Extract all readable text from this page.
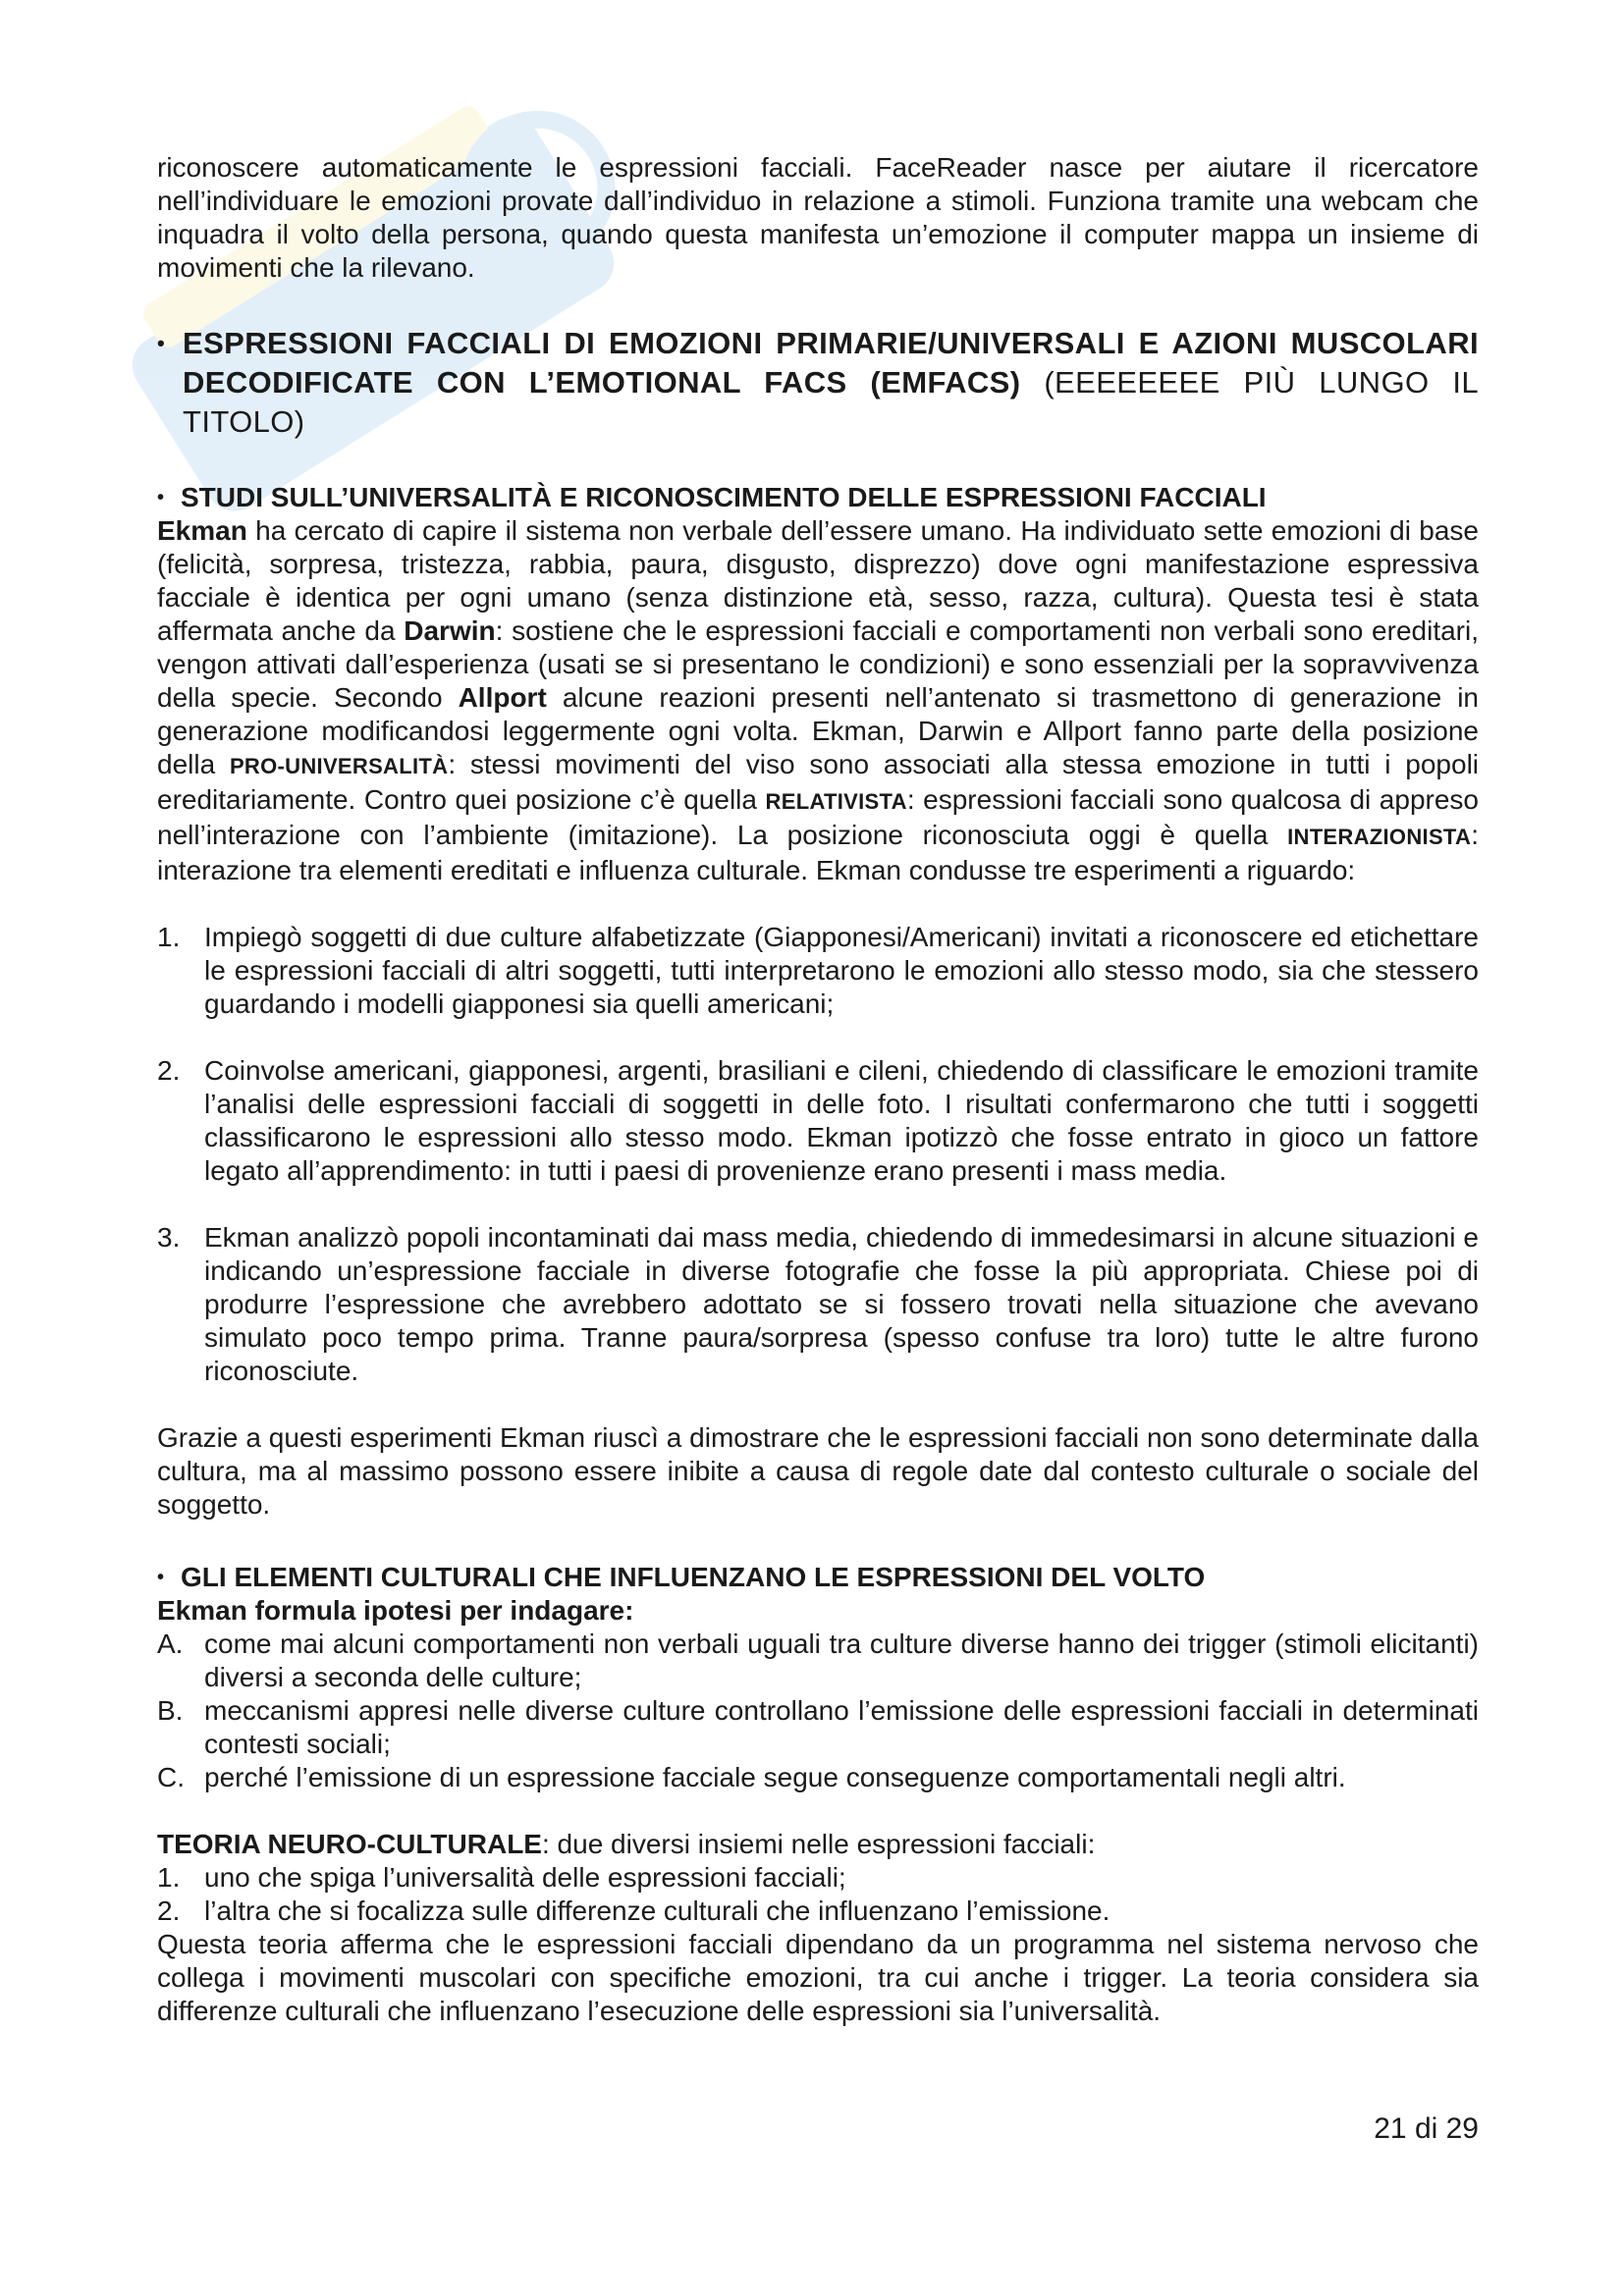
riconoscere automaticamente le espressioni facciali. FaceReader nasce per aiutare il ricercatore nell’individuare le emozioni provate dall’individuo in relazione a stimoli. Funziona tramite una webcam che inquadra il volto della persona, quando questa manifesta un’emozione il computer mappa un insieme di movimenti che la rilevano.

• ESPRESSIONI FACCIALI DI EMOZIONI PRIMARIE/UNIVERSALI E AZIONI MUSCOLARI DECODIFICATE CON L’EMOTIONAL FACS (EMFACS) (EEEEEEEE PIÙ LUNGO IL TITOLO)
• STUDI SULL’UNIVERSALITÀ E RICONOSCIMENTO DELLE ESPRESSIONI FACCIALI

Ekman ha cercato di capire il sistema non verbale dell’essere umano. Ha individuato sette emozioni di base (felicità, sorpresa, tristezza, rabbia, paura, disgusto, disprezzo) dove ogni manifestazione espressiva facciale è identica per ogni umano (senza distinzione età, sesso, razza, cultura). Questa tesi è stata affermata anche da Darwin: sostiene che le espressioni facciali e comportamenti non verbali sono ereditari, vengon attivati dall’esperienza (usati se si presentano le condizioni) e sono essenziali per la sopravvivenza della specie. Secondo Allport alcune reazioni presenti nell’antenato si trasmettono di generazione in generazione modificandosi leggermente ogni volta. Ekman, Darwin e Allport fanno parte della posizione della PRO-UNIVERSALITÀ: stessi movimenti del viso sono associati alla stessa emozione in tutti i popoli ereditariamente. Contro quei posizione c’è quella RELATIVISTA: espressioni facciali sono qualcosa di appreso nell’interazione con l’ambiente (imitazione). La posizione riconosciuta oggi è quella INTERAZIONISTA: interazione tra elementi ereditati e influenza culturale. Ekman condusse tre esperimenti a riguardo:

1. Impiegò soggetti di due culture alfabetizzate (Giapponesi/Americani) invitati a riconoscere ed etichettare le espressioni facciali di altri soggetti, tutti interpretarono le emozioni allo stesso modo, sia che stessero guardando i modelli giapponesi sia quelli americani;
2. Coinvolse americani, giapponesi, argenti, brasiliani e cileni, chiedendo di classificare le emozioni tramite l’analisi delle espressioni facciali di soggetti in delle foto. I risultati confermarono che tutti i soggetti classificarono le espressioni allo stesso modo. Ekman ipotizzò che fosse entrato in gioco un fattore legato all’apprendimento: in tutti i paesi di provenienze erano presenti i mass media.
3. Ekman analizzò popoli incontaminati dai mass media, chiedendo di immedesimarsi in alcune situazioni e indicando un’espressione facciale in diverse fotografie che fosse la più appropriata. Chiese poi di produrre l’espressione che avrebbero adottato se si fossero trovati nella situazione che avevano simulato poco tempo prima. Tranne paura/sorpresa (spesso confuse tra loro) tutte le altre furono riconosciute.

Grazie a questi esperimenti Ekman riuscì a dimostrare che le espressioni facciali non sono determinate dalla cultura, ma al massimo possono essere inibite a causa di regole date dal contesto culturale o sociale del soggetto.

• GLI ELEMENTI CULTURALI CHE INFLUENZANO LE ESPRESSIONI DEL VOLTO

Ekman formula ipotesi per indagare:

A. come mai alcuni comportamenti non verbali uguali tra culture diverse hanno dei trigger (stimoli elicitanti) diversi a seconda delle culture;
B. meccanismi appresi nelle diverse culture controllano l’emissione delle espressioni facciali in determinati contesti sociali;
C. perché l’emissione di un espressione facciale segue conseguenze comportamentali negli altri.

TEORIA NEURO-CULTURALE: due diversi insiemi nelle espressioni facciali:

1. uno che spiga l’universalità delle espressioni facciali;
2. l’altra che si focalizza sulle differenze culturali che influenzano l’emissione.

Questa teoria afferma che le espressioni facciali dipendano da un programma nel sistema nervoso che collega i movimenti muscolari con specifiche emozioni, tra cui anche i trigger. La teoria considera sia differenze culturali che influenzano l’esecuzione delle espressioni sia l’universalità.

21 di 29
